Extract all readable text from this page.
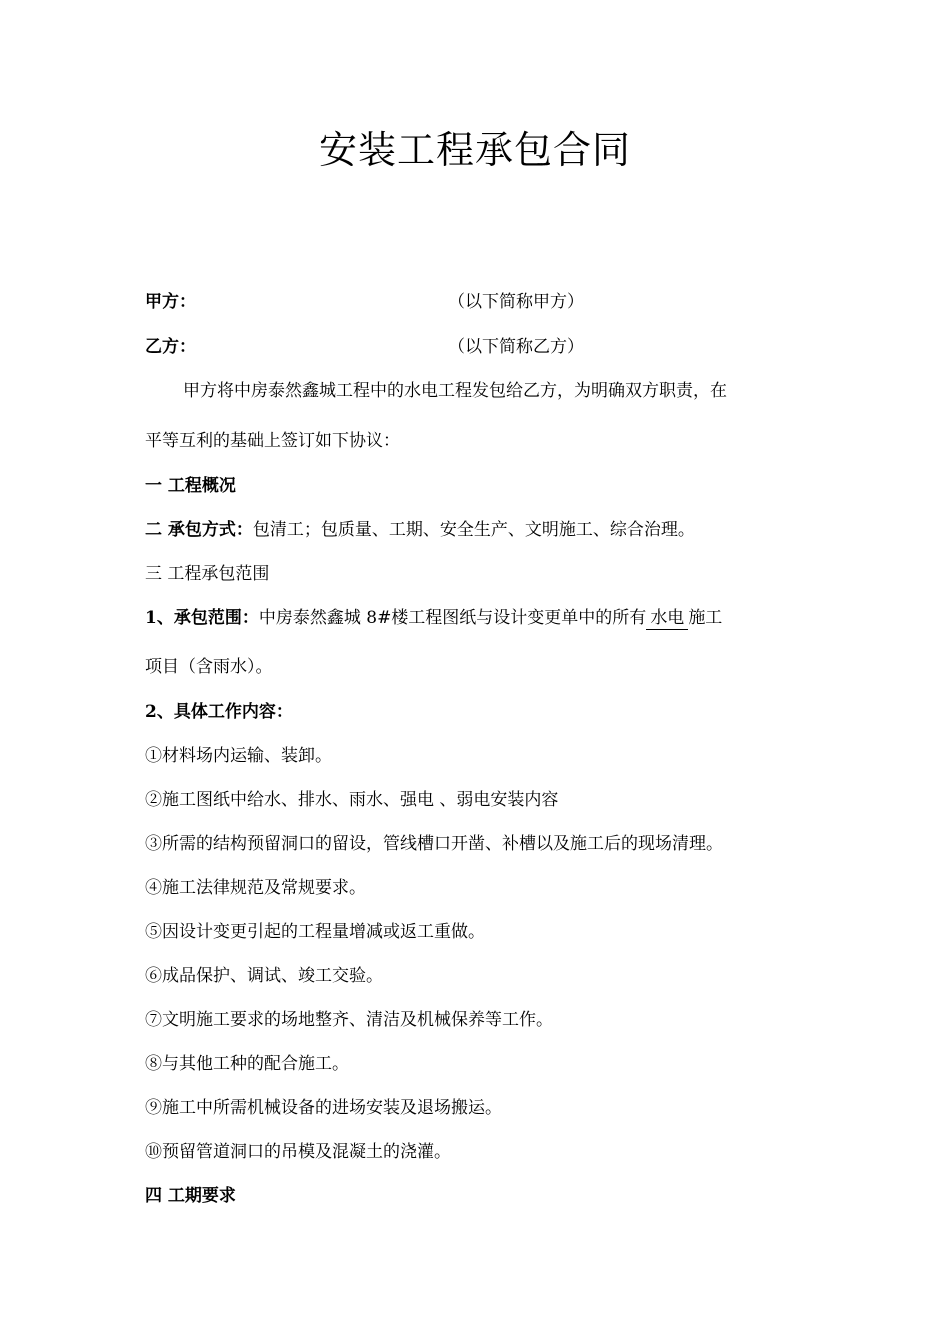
安装工程承包合同
甲方：	（以下简称甲方）
乙方：	（以下简称乙方）
甲方将中房泰然鑫城工程中的水电工程发包给乙方，为明确双方职责，在
平等互利的基础上签订如下协议：
一 工程概况
二 承包方式：包清工；包质量、工期、安全生产、文明施工、综合治理。
三 工程承包范围
1、承包范围：中房泰然鑫城 8#楼工程图纸与设计变更单中的所有 水电 施工
项目（含雨水）。
2、具体工作内容：
①材料场内运输、装卸。
②施工图纸中给水、排水、雨水、强电 、弱电安装内容
③所需的结构预留洞口的留设，管线槽口开凿、补槽以及施工后的现场清理。
④施工法律规范及常规要求。
⑤因设计变更引起的工程量增减或返工重做。
⑥成品保护、调试、竣工交验。
⑦文明施工要求的场地整齐、清洁及机械保养等工作。
⑧与其他工种的配合施工。
⑨施工中所需机械设备的进场安装及退场搬运。
⑩预留管道洞口的吊模及混凝土的浇灌。
四 工期要求
